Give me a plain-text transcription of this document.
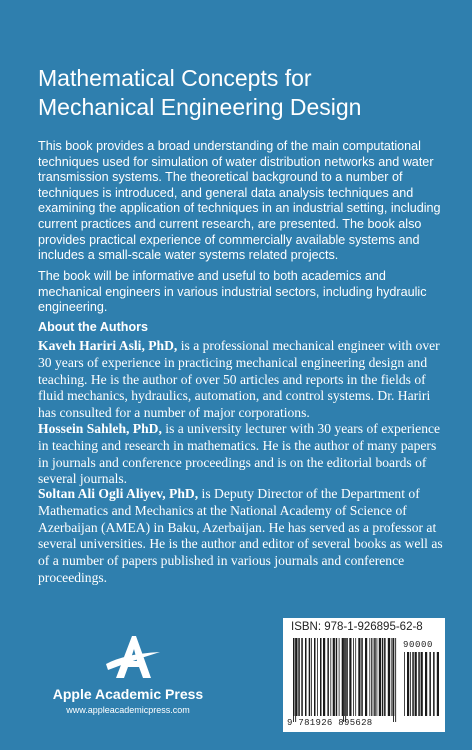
Mathematical Concepts for
Mechanical Engineering Design

This book provides a broad understanding of the main computational techniques used for simulation of water distribution networks and water transmission systems. The theoretical background to a number of techniques is introduced, and general data analysis techniques and examining the application of techniques in an industrial setting, including current practices and current research, are presented. The book also provides practical experience of commercially available systems and includes a small-scale water systems related projects.

The book will be informative and useful to both academics and mechanical engineers in various industrial sectors, including hydraulic engineering.

About the Authors

Kaveh Hariri Asli, PhD, is a professional mechanical engineer with over 30 years of experience in practicing mechanical engineering design and teaching. He is the author of over 50 articles and reports in the fields of fluid mechanics, hydraulics, automation, and control systems. Dr. Hariri has consulted for a number of major corporations.

Hossein Sahleh, PhD, is a university lecturer with 30 years of experience in teaching and research in mathematics. He is the author of many papers in journals and conference proceedings and is on the editorial boards of several journals.

Soltan Ali Ogli Aliyev, PhD, is Deputy Director of the Department of Mathematics and Mechanics at the National Academy of Science of Azerbaijan (AMEA) in Baku, Azerbaijan. He has served as a professor at several universities. He is the author and editor of several books as well as of a number of papers published in various journals and conference proceedings.

Apple Academic Press

www.appleacademicpress.com

ISBN: 978-1-926895-62-8

90000

9 781926 895628
